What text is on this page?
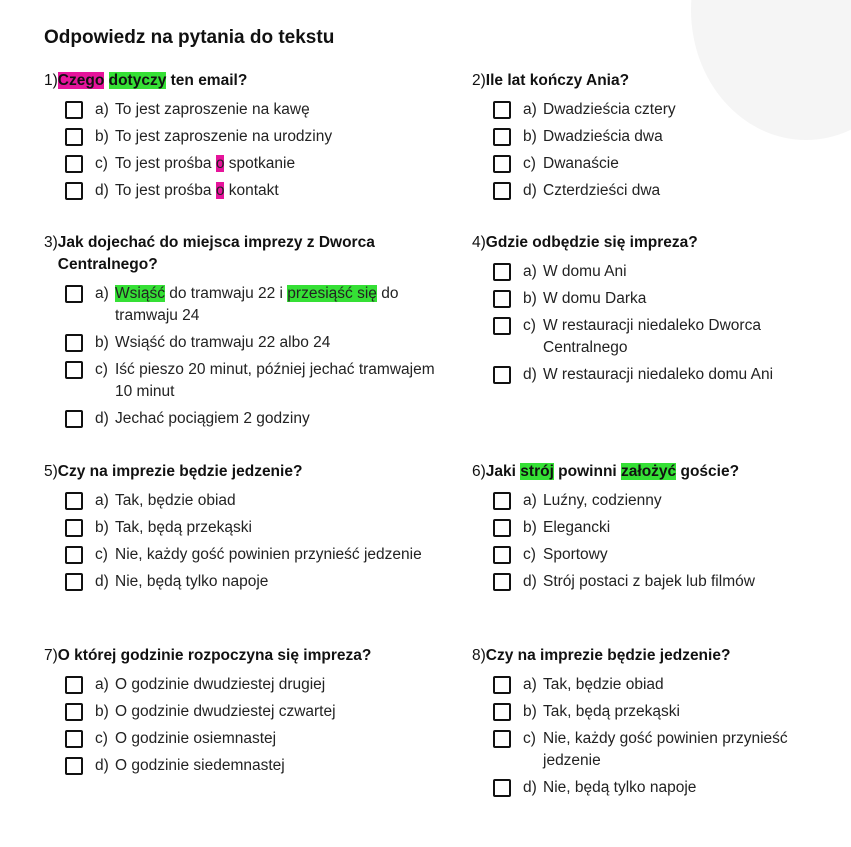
Odpowiedz na pytania do tekstu
1) Czego dotyczy ten email?
a) To jest zaproszenie na kawę
b) To jest zaproszenie na urodziny
c) To jest prośba o spotkanie
d) To jest prośba o kontakt
2) Ile lat kończy Ania?
a) Dwadzieścia cztery
b) Dwadzieścia dwa
c) Dwanaście
d) Czterdzieści dwa
3) Jak dojechać do miejsca imprezy z Dworca Centralnego?
a) Wsiąść do tramwaju 22 i przesiąść się do tramwaju 24
b) Wsiąść do tramwaju 22 albo 24
c) Iść pieszo 20 minut, później jechać tramwajem 10 minut
d) Jechać pociągiem 2 godziny
4) Gdzie odbędzie się impreza?
a) W domu Ani
b) W domu Darka
c) W restauracji niedaleko Dworca Centralnego
d) W restauracji niedaleko domu Ani
5) Czy na imprezie będzie jedzenie?
a) Tak, będzie obiad
b) Tak, będą przekąski
c) Nie, każdy gość powinien przynieść jedzenie
d) Nie, będą tylko napoje
6) Jaki strój powinni założyć goście?
a) Luźny, codzienny
b) Elegancki
c) Sportowy
d) Strój postaci z bajek lub filmów
7) O której godzinie rozpoczyna się impreza?
a) O godzinie dwudziestej drugiej
b) O godzinie dwudziestej czwartej
c) O godzinie osiemnastej
d) O godzinie siedemnastej
8) Czy na imprezie będzie jedzenie?
a) Tak, będzie obiad
b) Tak, będą przekąski
c) Nie, każdy gość powinien przynieść jedzenie
d) Nie, będą tylko napoje
